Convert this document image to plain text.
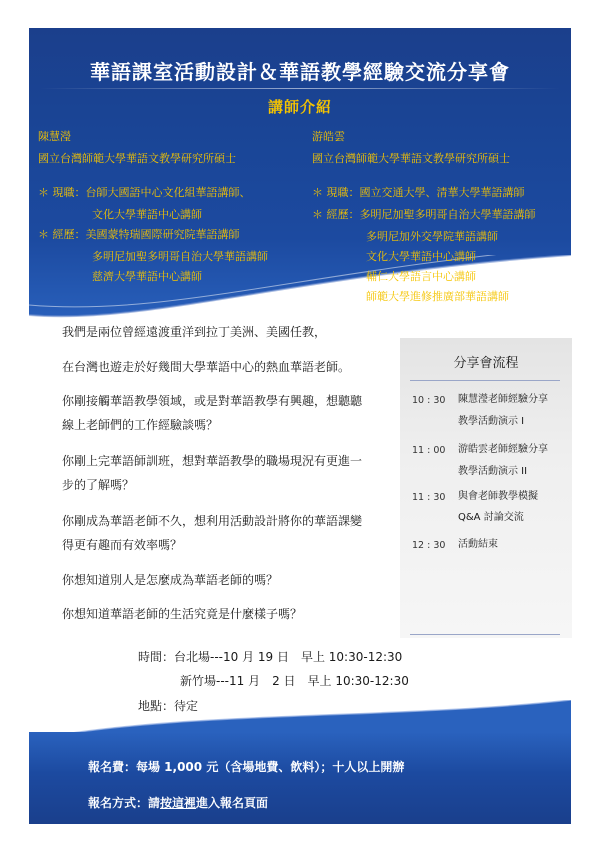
華語課室活動設計＆華語教學經驗交流分享會
講師介紹
陳慧瀅
國立台灣師範大學華語文教學研究所碩士
＊ 現職：台師大國語中心文化組華語講師、
文化大學華語中心講師
＊ 經歷：美國蒙特瑞國際研究院華語講師
多明尼加聖多明哥自治大學華語講師
慈濟大學華語中心講師
游皓雲
國立台灣師範大學華語文教學研究所碩士
＊ 現職：國立交通大學、清華大學華語講師
＊ 經歷：多明尼加聖多明哥自治大學華語講師
多明尼加外交學院華語講師
文化大學華語中心講師
輔仁大學語言中心講師
師範大學進修推廣部華語講師
分享會流程
10 : 30 陳慧瀅老師經驗分享
教學活動演示 I
11 : 00 游皓雲老師經驗分享
教學活動演示 II
11 : 30 與會老師教學模擬
Q&A 討論交流
12 : 30 活動結束
我們是兩位曾經遠渡重洋到拉丁美洲、美國任教，
在台灣也遊走於好幾間大學華語中心的熱血華語老師。
你剛接觸華語教學領域，或是對華語教學有興趣，想聽聽
線上老師們的工作經驗談嗎？
你剛上完華語師訓班，想對華語教學的職場現況有更進一
步的了解嗎？
你剛成為華語老師不久，想利用活動設計將你的華語課變
得更有趣而有效率嗎？
你想知道別人是怎麼成為華語老師的嗎？
你想知道華語老師的生活究竟是什麼樣子嗎？
時間：台北場---10 月 19 日　早上 10:30-12:30
新竹場---11 月　2 日　早上 10:30-12:30
地點：待定
報名費：每場 1,000 元（含場地費、飲料）；十人以上開辦
報名方式：請按這裡進入報名頁面
